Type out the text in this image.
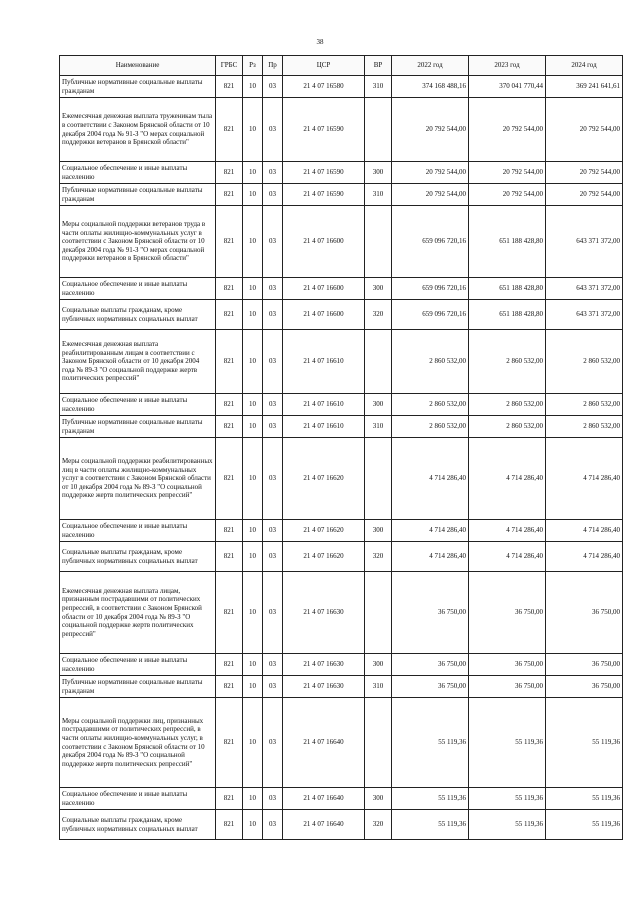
38
Наименование	ГРБС	Рз	Пр	ЦСР	ВР	2022 год	2023 год	2024 год
Публичные нормативные социальные выплаты гражданам	821	10	03	21 4 07 16580	310	374 168 488,16	370 041 770,44	369 241 641,61
Ежемесячная денежная выплата труженикам тыла в соответствии с Законом Брянской области от 10 декабря 2004 года № 91-З "О мерах социальной поддержки ветеранов в Брянской области"	821	10	03	21 4 07 16590		20 792 544,00	20 792 544,00	20 792 544,00
Социальное обеспечение и иные выплаты населению	821	10	03	21 4 07 16590	300	20 792 544,00	20 792 544,00	20 792 544,00
Публичные нормативные социальные выплаты гражданам	821	10	03	21 4 07 16590	310	20 792 544,00	20 792 544,00	20 792 544,00
Меры социальной поддержки ветеранов труда в части оплаты жилищно-коммунальных услуг в соответствии с Законом Брянской области от 10 декабря 2004 года № 91-З "О мерах социальной поддержки ветеранов в Брянской области"	821	10	03	21 4 07 16600		659 096 720,16	651 188 428,80	643 371 372,00
Социальное обеспечение и иные выплаты населению	821	10	03	21 4 07 16600	300	659 096 720,16	651 188 428,80	643 371 372,00
Социальные выплаты гражданам, кроме публичных нормативных социальных выплат	821	10	03	21 4 07 16600	320	659 096 720,16	651 188 428,80	643 371 372,00
Ежемесячная денежная выплата реабилитированным лицам в соответствии с Законом Брянской области от 10 декабря 2004 года № 89-З "О социальной поддержке жертв политических репрессий"	821	10	03	21 4 07 16610		2 860 532,00	2 860 532,00	2 860 532,00
Социальное обеспечение и иные выплаты населению	821	10	03	21 4 07 16610	300	2 860 532,00	2 860 532,00	2 860 532,00
Публичные нормативные социальные выплаты гражданам	821	10	03	21 4 07 16610	310	2 860 532,00	2 860 532,00	2 860 532,00
Меры социальной поддержки реабилитированных лиц в части оплаты жилищно-коммунальных услуг в соответствии с Законом Брянской области от 10 декабря 2004 года № 89-З "О социальной поддержке жертв политических репрессий"	821	10	03	21 4 07 16620		4 714 286,40	4 714 286,40	4 714 286,40
Социальное обеспечение и иные выплаты населению	821	10	03	21 4 07 16620	300	4 714 286,40	4 714 286,40	4 714 286,40
Социальные выплаты гражданам, кроме публичных нормативных социальных выплат	821	10	03	21 4 07 16620	320	4 714 286,40	4 714 286,40	4 714 286,40
Ежемесячная денежная выплата лицам, признанным пострадавшими от политических репрессий, в соответствии с Законом Брянской области от 10 декабря 2004 года № 89-З "О социальной поддержке жертв политических репрессий"	821	10	03	21 4 07 16630		36 750,00	36 750,00	36 750,00
Социальное обеспечение и иные выплаты населению	821	10	03	21 4 07 16630	300	36 750,00	36 750,00	36 750,00
Публичные нормативные социальные выплаты гражданам	821	10	03	21 4 07 16630	310	36 750,00	36 750,00	36 750,00
Меры социальной поддержки лиц, признанных пострадавшими от политических репрессий, в части оплаты жилищно-коммунальных услуг, в соответствии с Законом Брянской области от 10 декабря 2004 года № 89-З "О социальной поддержке жертв политических репрессий"	821	10	03	21 4 07 16640		55 119,36	55 119,36	55 119,36
Социальное обеспечение и иные выплаты населению	821	10	03	21 4 07 16640	300	55 119,36	55 119,36	55 119,36
Социальные выплаты гражданам, кроме публичных нормативных социальных выплат	821	10	03	21 4 07 16640	320	55 119,36	55 119,36	55 119,36
